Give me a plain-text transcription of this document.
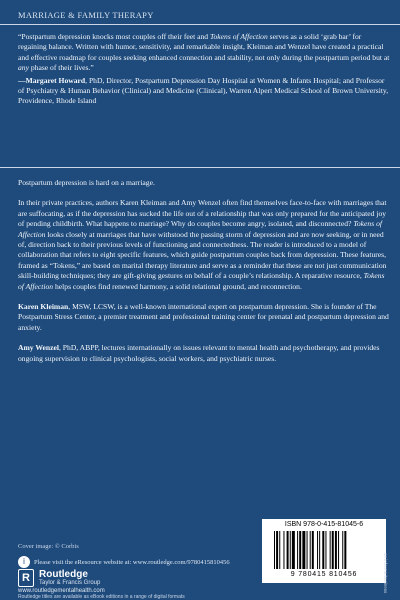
MARRIAGE & FAMILY THERAPY

“Postpartum depression knocks most couples off their feet and Tokens of Affection serves as a solid ‘grab bar’ for regaining balance. Written with humor, sensitivity, and remarkable insight, Kleiman and Wenzel have created a practical and effective roadmap for couples seeking enhanced connection and stability, not only during the postpartum period but at any phase of their lives.”

—Margaret Howard, PhD, Director, Postpartum Depression Day Hospital at Women & Infants Hospital; and Professor of Psychiatry & Human Behavior (Clinical) and Medicine (Clinical), Warren Alpert Medical School of Brown University, Providence, Rhode Island

Postpartum depression is hard on a marriage.

In their private practices, authors Karen Kleiman and Amy Wenzel often find themselves face-to-face with marriages that are suffocating, as if the depression has sucked the life out of a relationship that was only prepared for the anticipated joy of pending childbirth. What happens to marriage? Why do couples become angry, isolated, and disconnected? Tokens of Affection looks closely at marriages that have withstood the passing storm of depression and are now seeking, or in need of, direction back to their previous levels of functioning and connectedness. The reader is introduced to a model of collaboration that refers to eight specific features, which guide postpartum couples back from depression. These features, framed as “Tokens,” are based on marital therapy literature and serve as a reminder that these are not just communication skill-building techniques; they are gift-giving gestures on behalf of a couple’s relationship. A reparative resource, Tokens of Affection helps couples find renewed harmony, a solid relational ground, and reconnection.

Karen Kleiman, MSW, LCSW, is a well-known international expert on postpartum depression. She is founder of The Postpartum Stress Center, a premier treatment and professional training center for prenatal and postpartum depression and anxiety.

Amy Wenzel, PhD, ABPP, lectures internationally on issues relevant to mental health and psychotherapy, and provides ongoing supervision to clinical psychologists, social workers, and psychiatric nurses.

Cover image: © Corbis
i	Please visit the eResource website at: www.routledge.com/9780415810456
R Routledge
Taylor & Francis Group
www.routledgementalhealth.com
Routledge titles are available as eBook editions in a range of digital formats
ISBN 978-0-415-81045-6
9 780415 810456	an informa business
